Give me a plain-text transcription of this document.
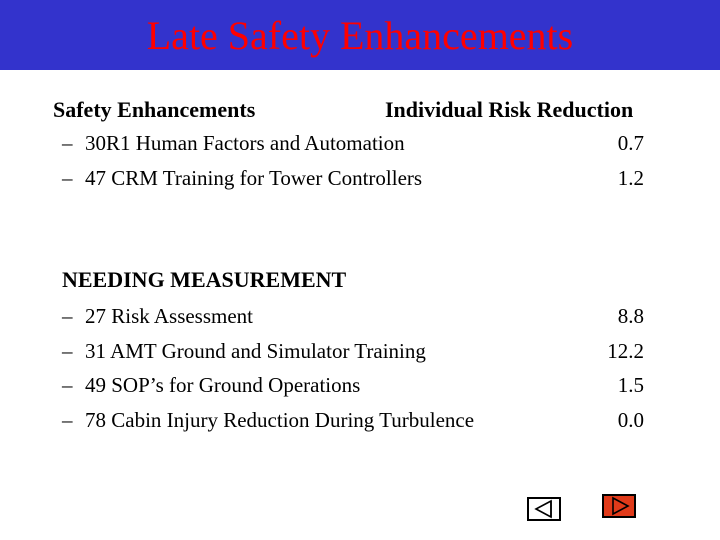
Late Safety Enhancements
Safety Enhancements	Individual Risk Reduction
– 30R1 Human Factors and Automation	0.7
– 47 CRM Training for Tower Controllers	1.2
NEEDING MEASUREMENT
– 27 Risk Assessment	8.8
– 31 AMT Ground and Simulator Training	12.2
– 49 SOP’s for Ground Operations	1.5
– 78 Cabin Injury Reduction During Turbulence	0.0
